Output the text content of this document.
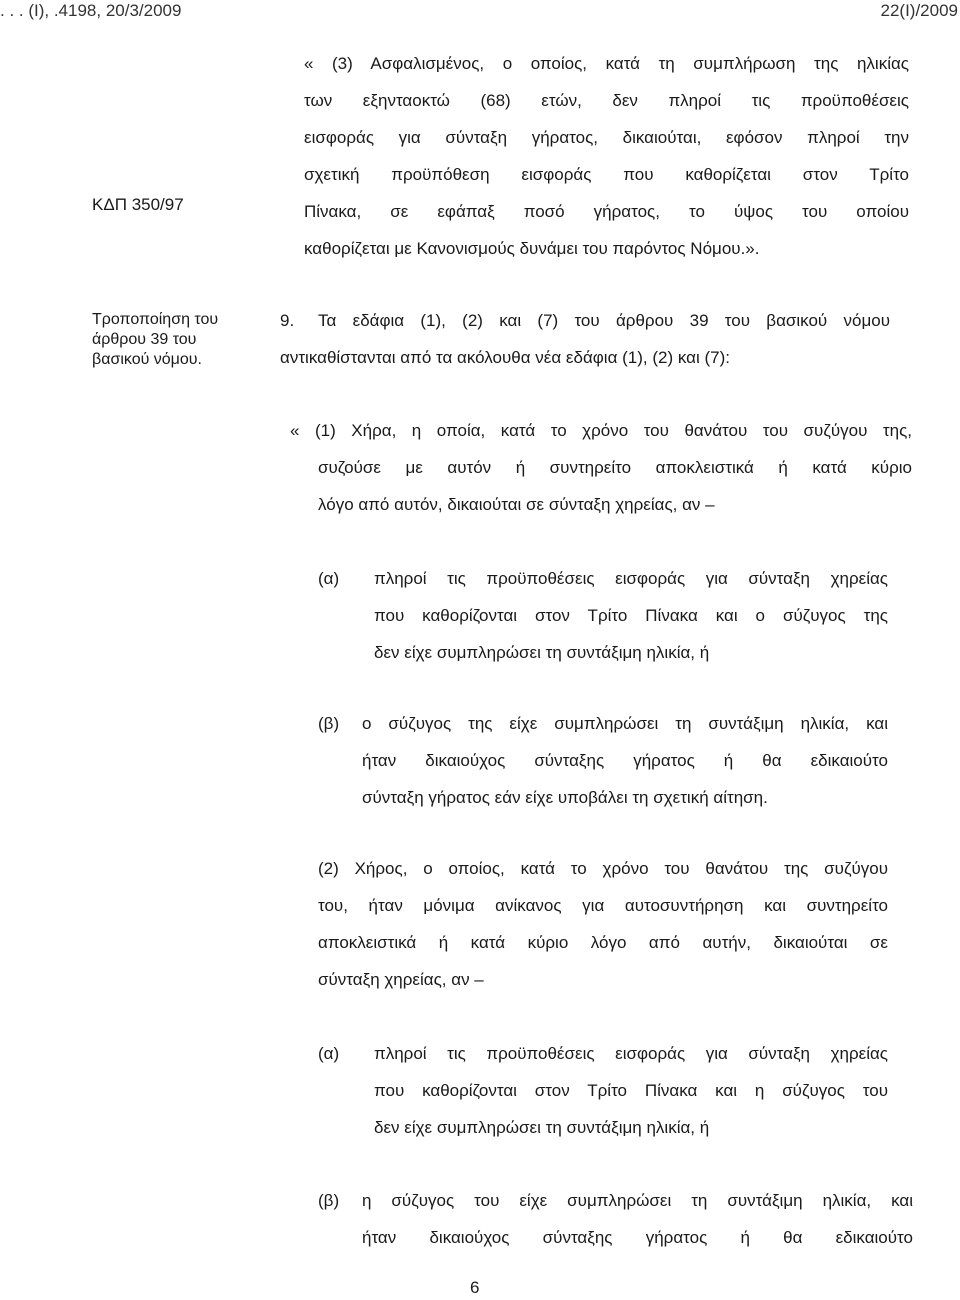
. . . (I), .4198, 20/3/2009	22(I)/2009
ΚΔΠ 350/97
Τροποποίηση του
άρθρου 39 του
βασικού νόμου.
« (3) Ασφαλισμένος, ο οποίος, κατά τη συμπλήρωση της ηλικίας
των εξηνταοκτώ (68) ετών, δεν πληροί τις προϋποθέσεις
εισφοράς για σύνταξη γήρατος, δικαιούται, εφόσον πληροί την
σχετική προϋπόθεση εισφοράς που καθορίζεται στον Τρίτο
Πίνακα, σε εφάπαξ ποσό γήρατος, το ύψος του οποίου
καθορίζεται με Κανονισμούς δυνάμει του παρόντος Νόμου.».
9. Τα εδάφια (1), (2) και (7) του άρθρου 39 του βασικού νόμου
αντικαθίστανται από τα ακόλουθα νέα εδάφια (1), (2) και (7):
« (1) Χήρα, η οποία, κατά το χρόνο του θανάτου του συζύγου της,
συζούσε με αυτόν ή συντηρείτο αποκλειστικά ή κατά κύριο
λόγο από αυτόν, δικαιούται σε σύνταξη χηρείας, αν –
(α) πληροί τις προϋποθέσεις εισφοράς για σύνταξη χηρείας
που καθορίζονται στον Τρίτο Πίνακα και ο σύζυγος της
δεν είχε συμπληρώσει τη συντάξιμη ηλικία, ή
(β) ο σύζυγος της είχε συμπληρώσει τη συντάξιμη ηλικία, και
ήταν δικαιούχος σύνταξης γήρατος ή θα εδικαιούτο
σύνταξη γήρατος εάν είχε υποβάλει τη σχετική αίτηση.
(2) Χήρος, ο οποίος, κατά το χρόνο του θανάτου της συζύγου
του, ήταν μόνιμα ανίκανος για αυτοσυντήρηση και συντηρείτο
αποκλειστικά ή κατά κύριο λόγο από αυτήν, δικαιούται σε
σύνταξη χηρείας, αν –
(α) πληροί τις προϋποθέσεις εισφοράς για σύνταξη χηρείας
που καθορίζονται στον Τρίτο Πίνακα και η σύζυγος του
δεν είχε συμπληρώσει τη συντάξιμη ηλικία, ή
(β) η σύζυγος του είχε συμπληρώσει τη συντάξιμη ηλικία, και
ήταν δικαιούχος σύνταξης γήρατος ή θα εδικαιούτο
6
